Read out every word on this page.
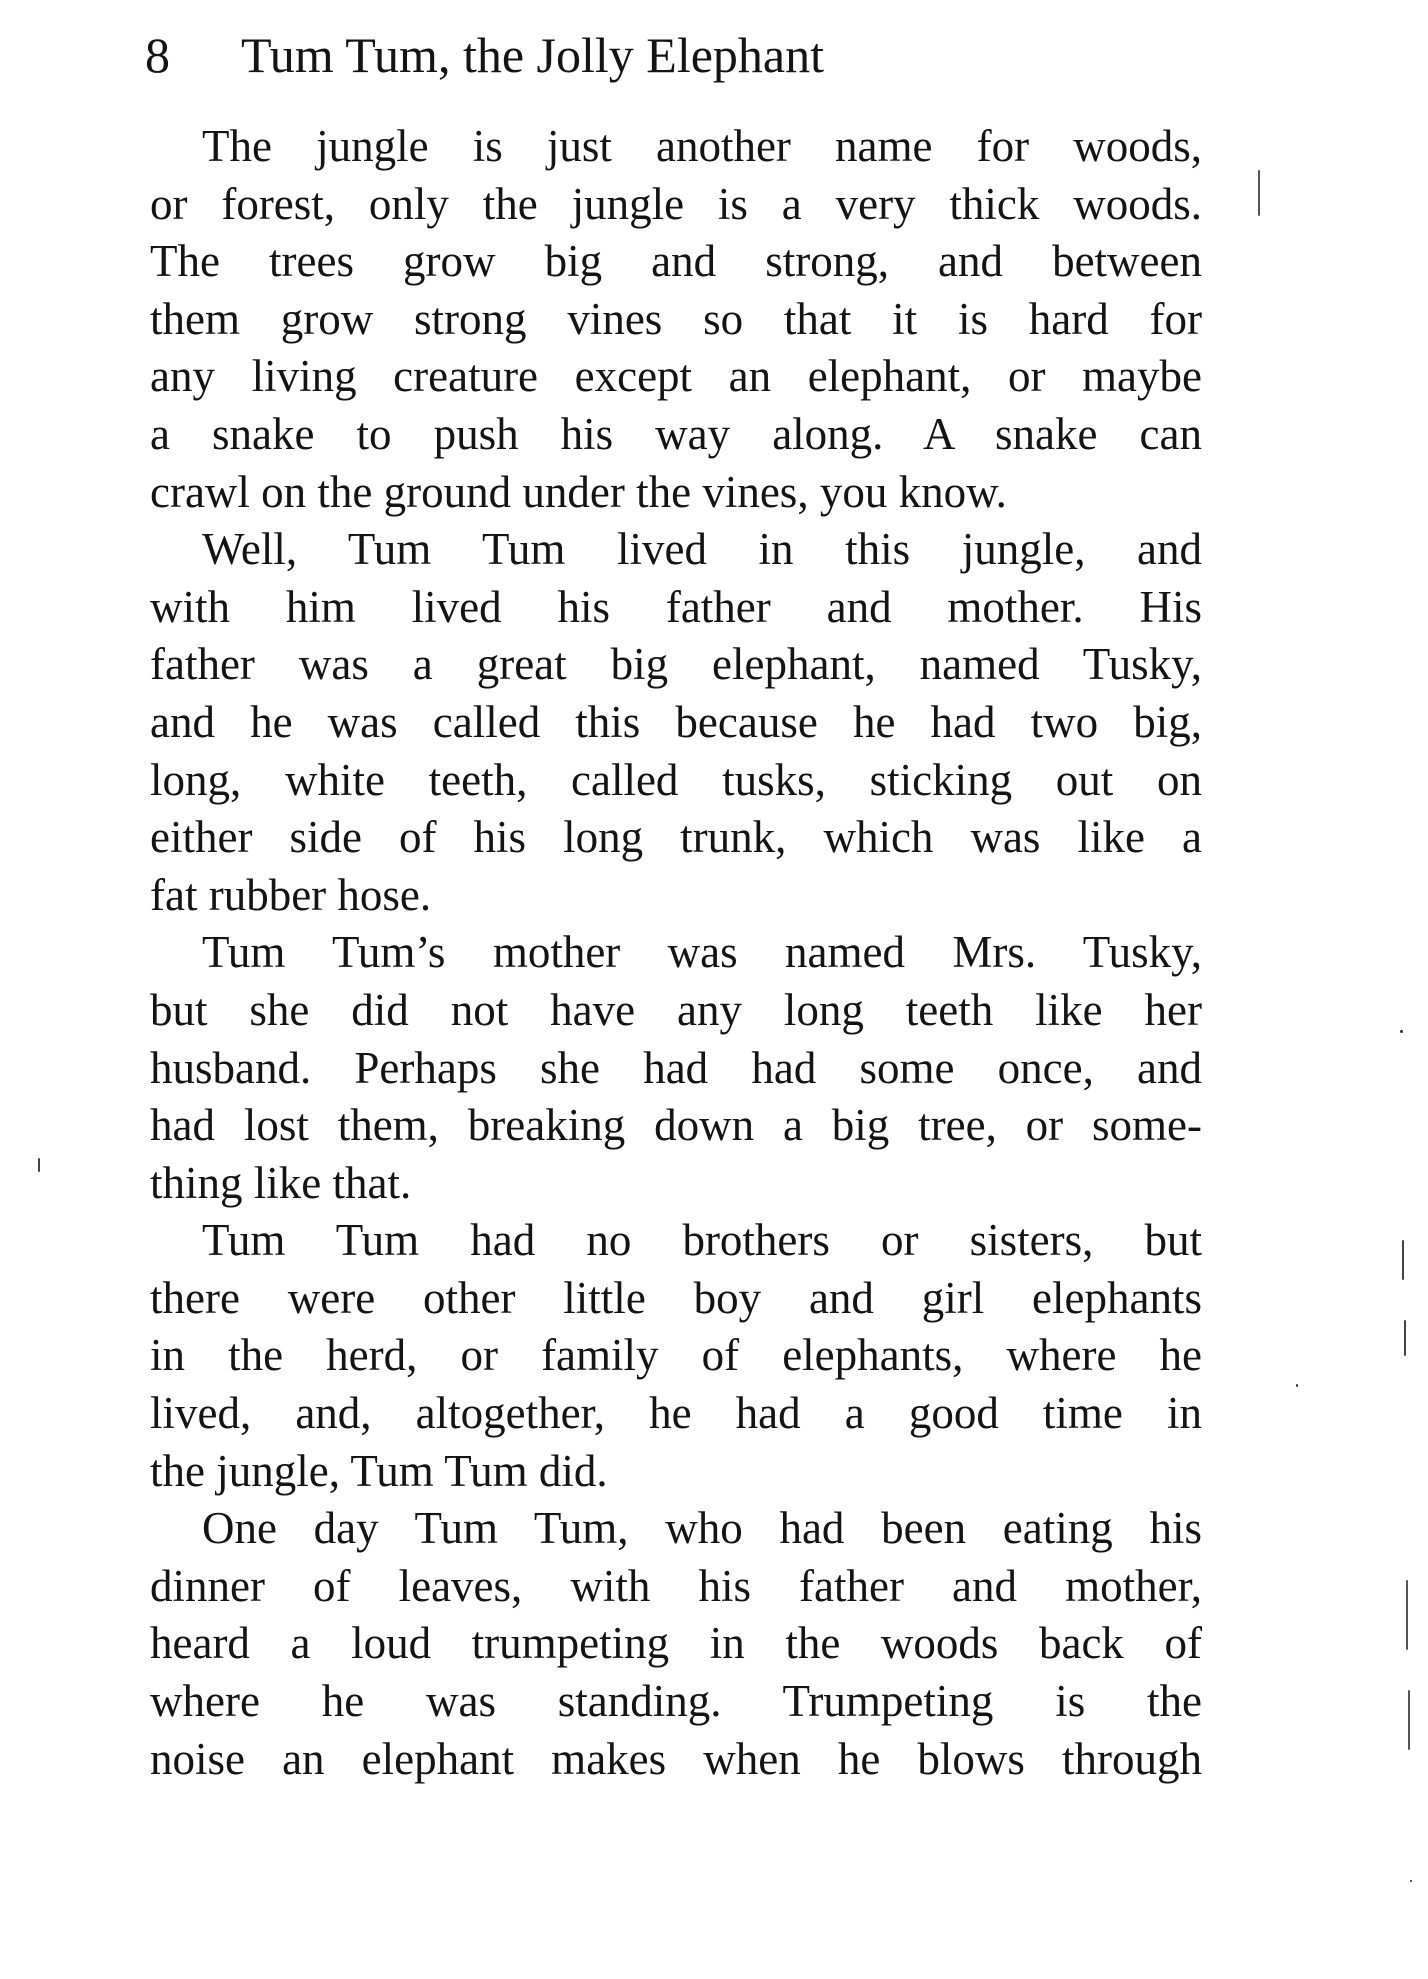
8 Tum Tum, the Jolly Elephant
The jungle is just another name for woods,
or forest, only the jungle is a very thick woods.
The trees grow big and strong, and between
them grow strong vines so that it is hard for
any living creature except an elephant, or maybe
a snake to push his way along. A snake can
crawl on the ground under the vines, you know.
Well, Tum Tum lived in this jungle, and
with him lived his father and mother. His
father was a great big elephant, named Tusky,
and he was called this because he had two big,
long, white teeth, called tusks, sticking out on
either side of his long trunk, which was like a
fat rubber hose.
Tum Tum’s mother was named Mrs. Tusky,
but she did not have any long teeth like her
husband. Perhaps she had had some once, and
had lost them, breaking down a big tree, or some-
thing like that.
Tum Tum had no brothers or sisters, but
there were other little boy and girl elephants
in the herd, or family of elephants, where he
lived, and, altogether, he had a good time in
the jungle, Tum Tum did.
One day Tum Tum, who had been eating his
dinner of leaves, with his father and mother,
heard a loud trumpeting in the woods back of
where he was standing. Trumpeting is the
noise an elephant makes when he blows through
